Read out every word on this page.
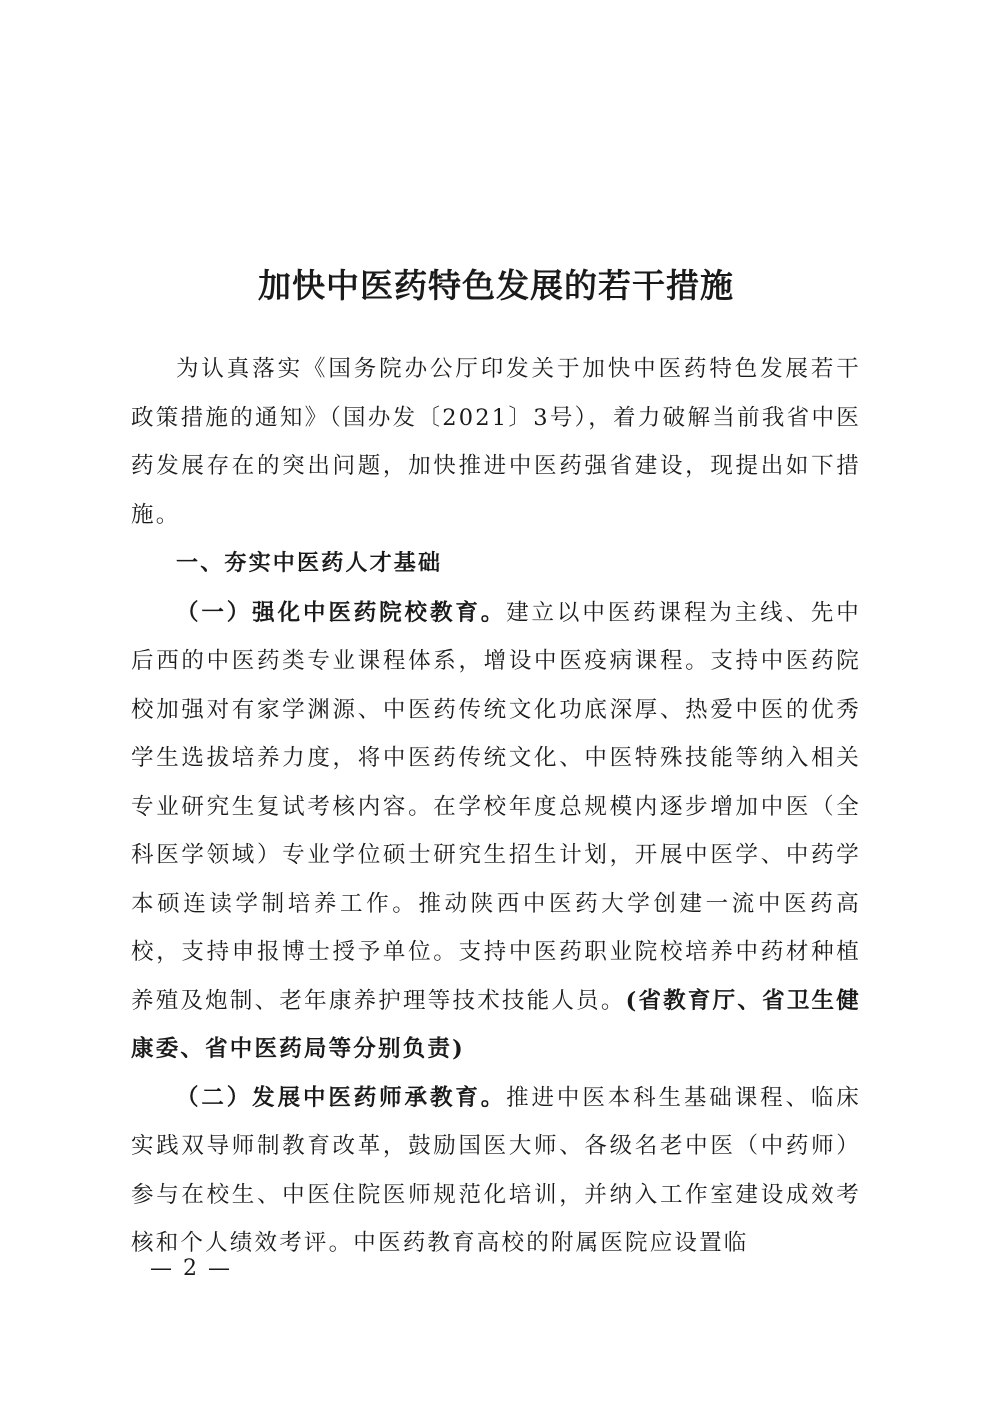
加快中医药特色发展的若干措施

为认真落实《国务院办公厅印发关于加快中医药特色发展若干政策措施的通知》（国办发〔2021〕3号），着力破解当前我省中医药发展存在的突出问题，加快推进中医药强省建设，现提出如下措施。

一、夯实中医药人才基础

（一）强化中医药院校教育。建立以中医药课程为主线、先中后西的中医药类专业课程体系，增设中医疫病课程。支持中医药院校加强对有家学渊源、中医药传统文化功底深厚、热爱中医的优秀学生选拔培养力度，将中医药传统文化、中医特殊技能等纳入相关专业研究生复试考核内容。在学校年度总规模内逐步增加中医（全科医学领域）专业学位硕士研究生招生计划，开展中医学、中药学本硕连读学制培养工作。推动陕西中医药大学创建一流中医药高校，支持申报博士授予单位。支持中医药职业院校培养中药材种植养殖及炮制、老年康养护理等技术技能人员。(省教育厅、省卫生健康委、省中医药局等分别负责)

（二）发展中医药师承教育。推进中医本科生基础课程、临床实践双导师制教育改革，鼓励国医大师、各级名老中医（中药师）参与在校生、中医住院医师规范化培训，并纳入工作室建设成效考核和个人绩效考评。中医药教育高校的附属医院应设置临

— 2 —
